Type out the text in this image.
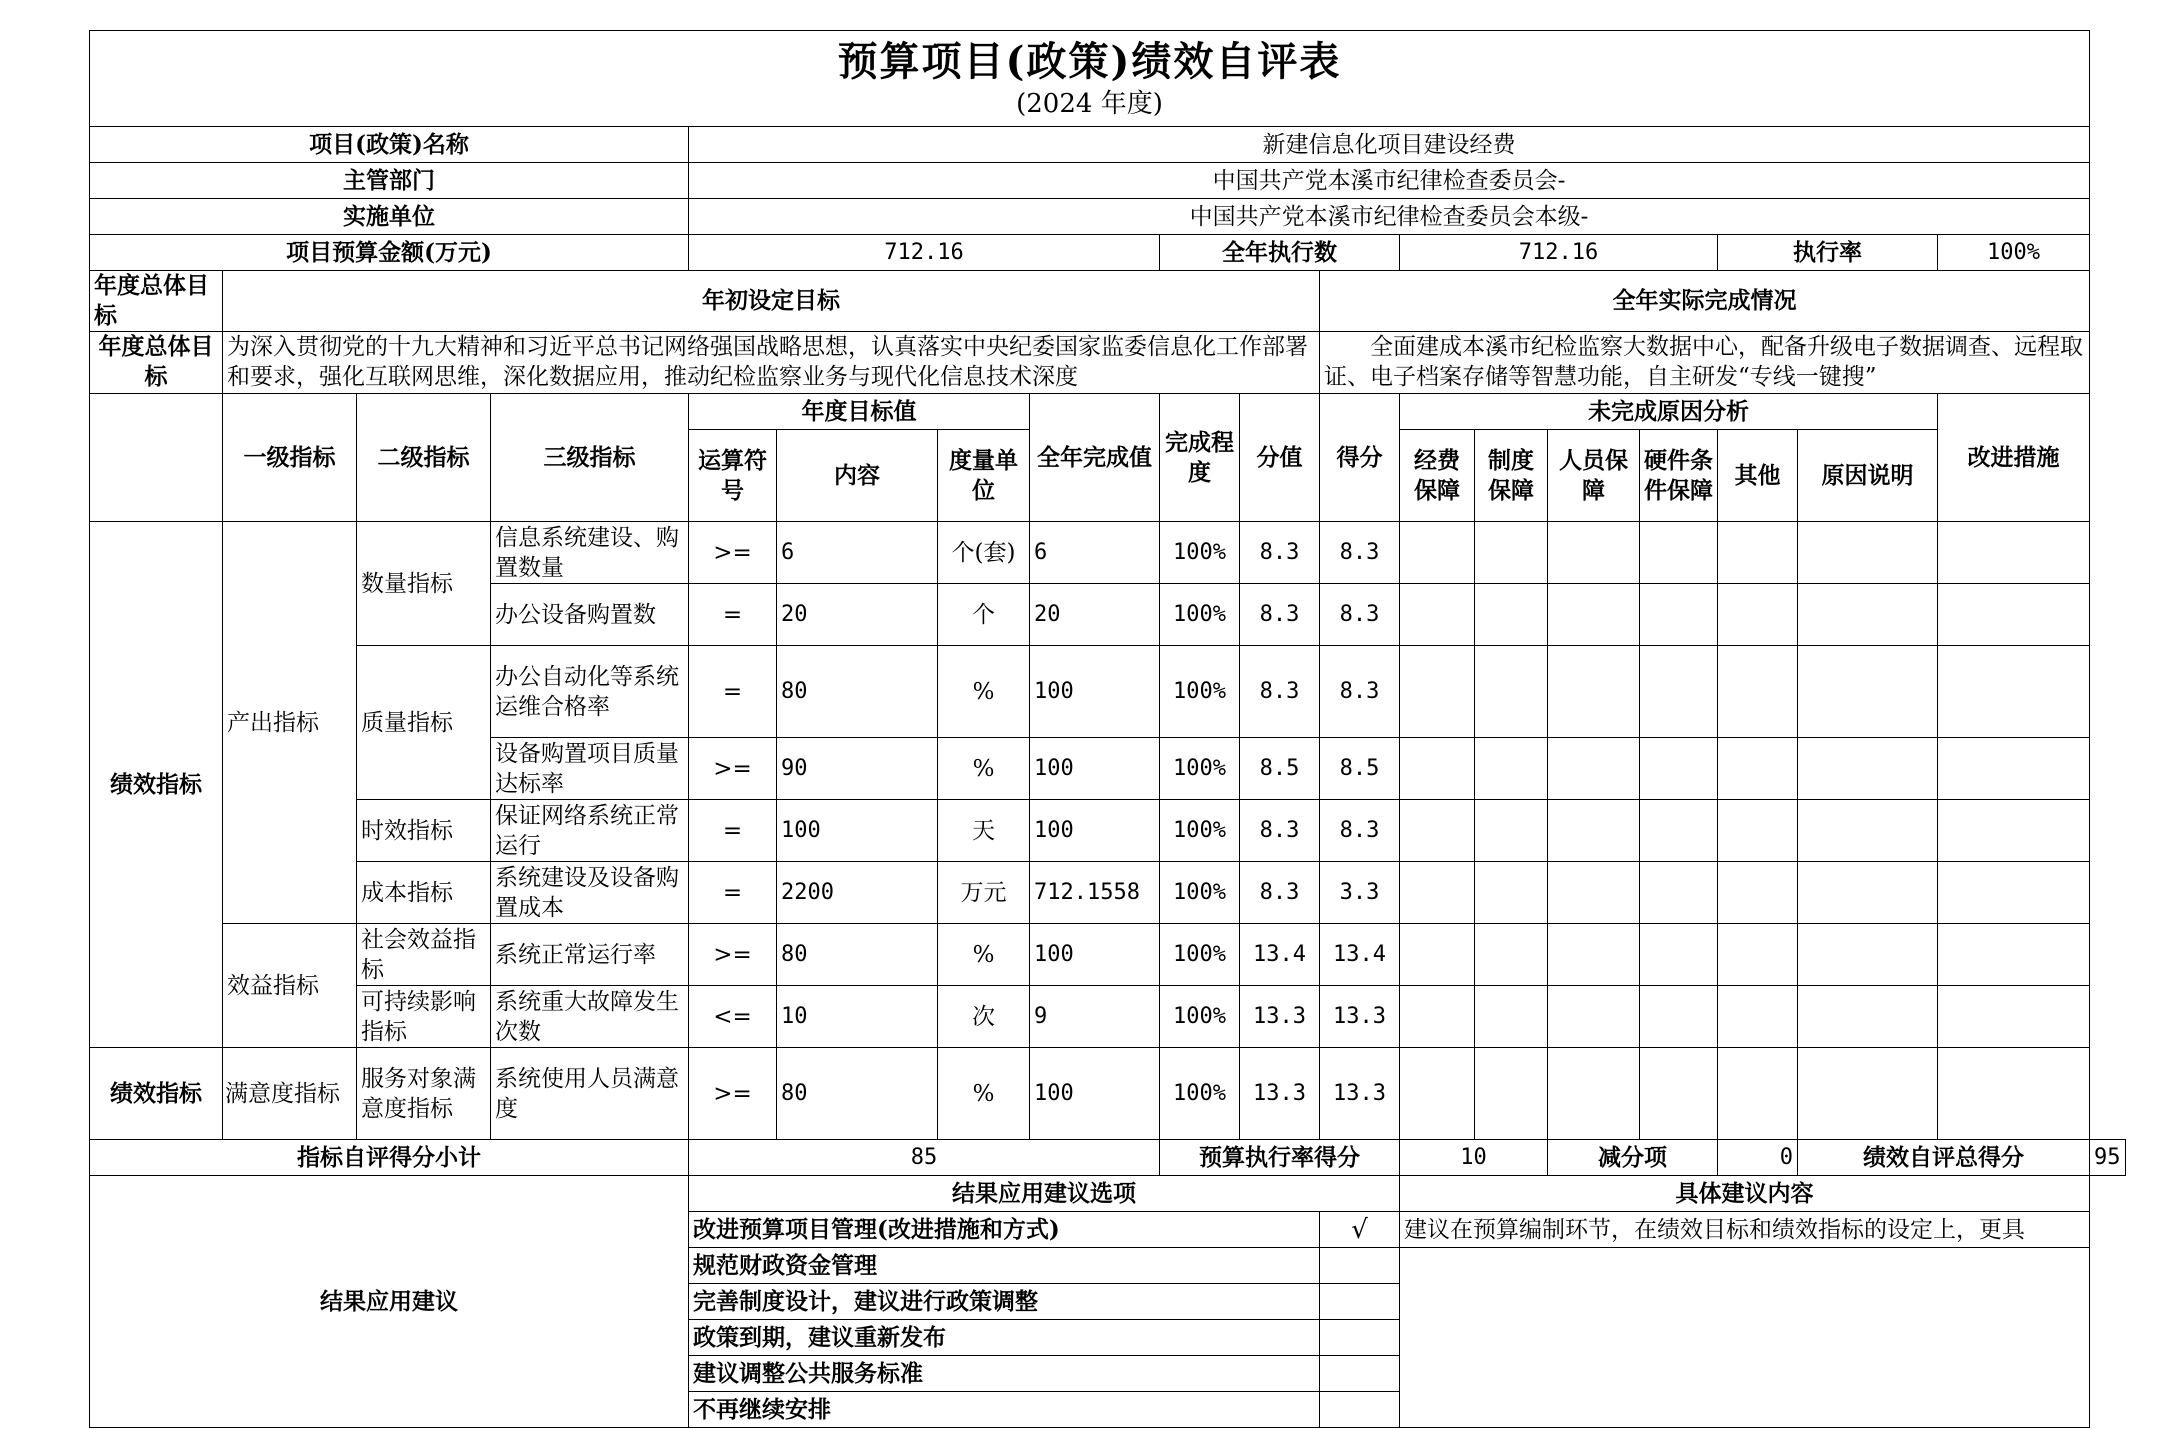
预算项目(政策)绩效自评表
(2024 年度)																		

项目(政策)名称				新建信息化项目建设经费														
主管部门				中国共产党本溪市纪律检查委员会-														
实施单位				中国共产党本溪市纪律检查委员会本级-														
项目预算金额(万元)				712.16				全年执行数			712.16				执行率		100%	
年度总体目标	年初设定目标									全年实际完成情况								
年度总体目标	为深入贯彻党的十九大精神和习近平总书记网络强国战略思想，认真落实中央纪委国家监委信息化工作部署和要求，强化互联网思维，深化数据应用，推动纪检监察业务与现代化信息技术深度									全面建成本溪市纪检监察大数据中心，配备升级电子数据调查、远程取证、电子档案存储等智慧功能，自主研发“专线一键搜”								
	一级指标	二级指标	三级指标	年度目标值			全年完成值	完成程度	分值	得分	未完成原因分析						改进措施	
				运算符号	内容	度量单位					经费保障	制度保障	人员保障	硬件条件保障	其他	原因说明		
绩效指标	产出指标	数量指标	信息系统建设、购置数量	>=	6	个(套)	6	100%	8.3	8.3								
			办公设备购置数	=	20	个	20	100%	8.3	8.3								
		质量指标	办公自动化等系统运维合格率	=	80	%	100	100%	8.3	8.3								
			设备购置项目质量达标率	>=	90	%	100	100%	8.5	8.5								
		时效指标	保证网络系统正常运行	=	100	天	100	100%	8.3	8.3								
		成本指标	系统建设及设备购置成本	=	2200	万元	712.1558	100%	8.3	3.3								
	效益指标	社会效益指标	系统正常运行率	>=	80	%	100	100%	13.4	13.4								
		可持续影响指标	系统重大故障发生次数	<=	10	次	9	100%	13.3	13.3								
绩效指标	满意度指标	服务对象满意度指标	系统使用人员满意度	>=	80	%	100	100%	13.3	13.3								
指标自评得分小计				85				预算执行率得分			10		减分项		0	绩效自评总得分		95
结果应用建议				结果应用建议选项							具体建议内容							
				改进预算项目管理(改进措施和方式)						√	建议在预算编制环节，在绩效目标和绩效指标的设定上，更具							
				规范财政资金管理														
				完善制度设计，建议进行政策调整														
				政策到期，建议重新发布														
				建议调整公共服务标准														
				不再继续安排														
